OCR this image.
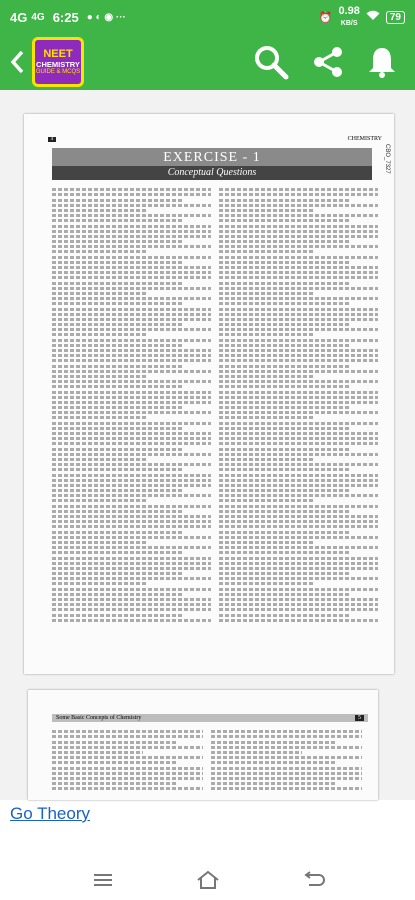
4G 4G 6:25 ● ◐ ◉ ···	⏰
0.98
KB/S
79
NEET
CHEMISTRY
GUIDE & MCQS
4	CHEMISTRY
CBO_7327
EXERCISE - 1
Conceptual Questions
Some Basic Concepts of Chemistry	5
Go Theory
